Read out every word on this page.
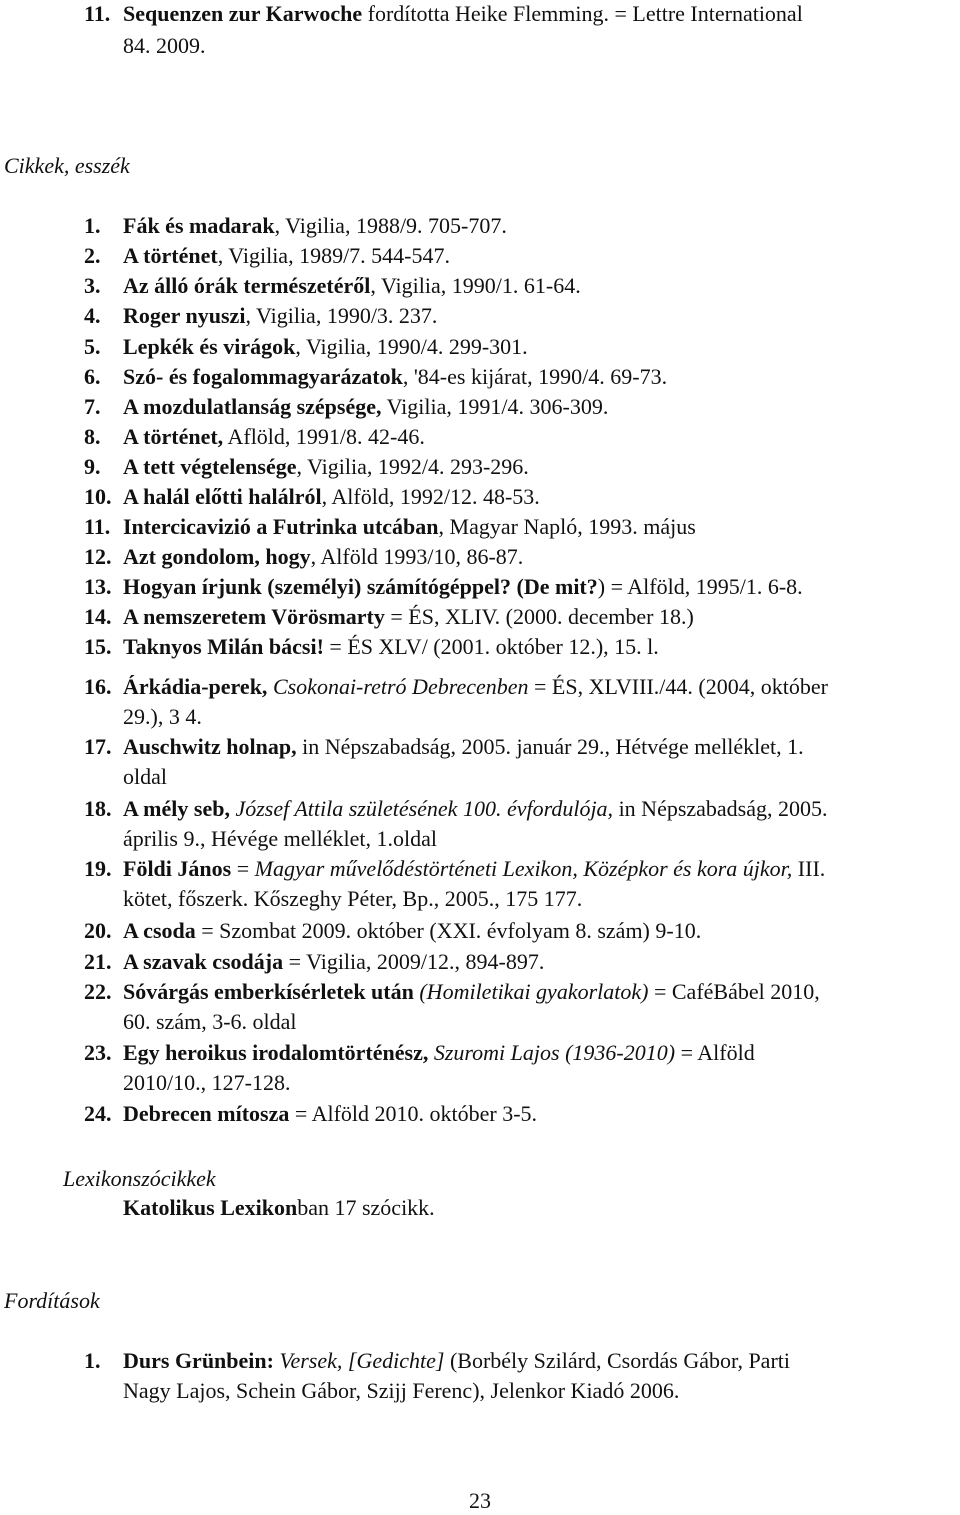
11. Sequenzen zur Karwoche fordította Heike Flemming. = Lettre International
84. 2009.
Cikkek, esszék
1. Fák és madarak, Vigilia, 1988/9. 705-707.
2. A történet, Vigilia, 1989/7. 544-547.
3. Az álló órák természetéről, Vigilia, 1990/1. 61-64.
4. Roger nyuszi, Vigilia, 1990/3. 237.
5. Lepkék és virágok, Vigilia, 1990/4. 299-301.
6. Szó- és fogalommagyarázatok, '84-es kijárat, 1990/4. 69-73.
7. A mozdulatlanság szépsége, Vigilia, 1991/4. 306-309.
8. A történet, Aflöld, 1991/8. 42-46.
9. A tett végtelensége, Vigilia, 1992/4. 293-296.
10. A halál előtti halálról, Alföld, 1992/12. 48-53.
11. Intercicavizió a Futrinka utcában, Magyar Napló, 1993. május
12. Azt gondolom, hogy, Alföld 1993/10, 86-87.
13. Hogyan írjunk (személyi) számítógéppel? (De mit?) = Alföld, 1995/1. 6-8.
14. A nemszeretem Vörösmarty = ÉS, XLIV. (2000. december 18.)
15. Taknyos Milán bácsi! = ÉS XLV/ (2001. október 12.), 15. l.
16. Árkádia-perek, Csokonai-retró Debrecenben = ÉS, XLVIII./44. (2004, október
29.), 3 4.
17. Auschwitz holnap, in Népszabadság, 2005. január 29., Hétvége melléklet, 1.
oldal
18. A mély seb, József Attila születésének 100. évfordulója, in Népszabadság, 2005.
április 9., Hévége melléklet, 1.oldal
19. Földi János = Magyar művelődéstörténeti Lexikon, Középkor és kora újkor, III.
kötet, főszerk. Kőszeghy Péter, Bp., 2005., 175 177.
20. A csoda = Szombat 2009. október (XXI. évfolyam 8. szám) 9-10.
21. A szavak csodája = Vigilia, 2009/12., 894-897.
22. Sóvárgás emberkísérletek után (Homiletikai gyakorlatok) = CaféBábel 2010,
60. szám, 3-6. oldal
23. Egy heroikus irodalomtörténész, Szuromi Lajos (1936-2010) = Alföld
2010/10., 127-128.
24. Debrecen mítosza = Alföld 2010. október 3-5.
Lexikonszócikkek
Katolikus Lexikonban 17 szócikk.
Fordítások
1. Durs Grünbein: Versek, [Gedichte] (Borbély Szilárd, Csordás Gábor, Parti
Nagy Lajos, Schein Gábor, Szijj Ferenc), Jelenkor Kiadó 2006.
23
